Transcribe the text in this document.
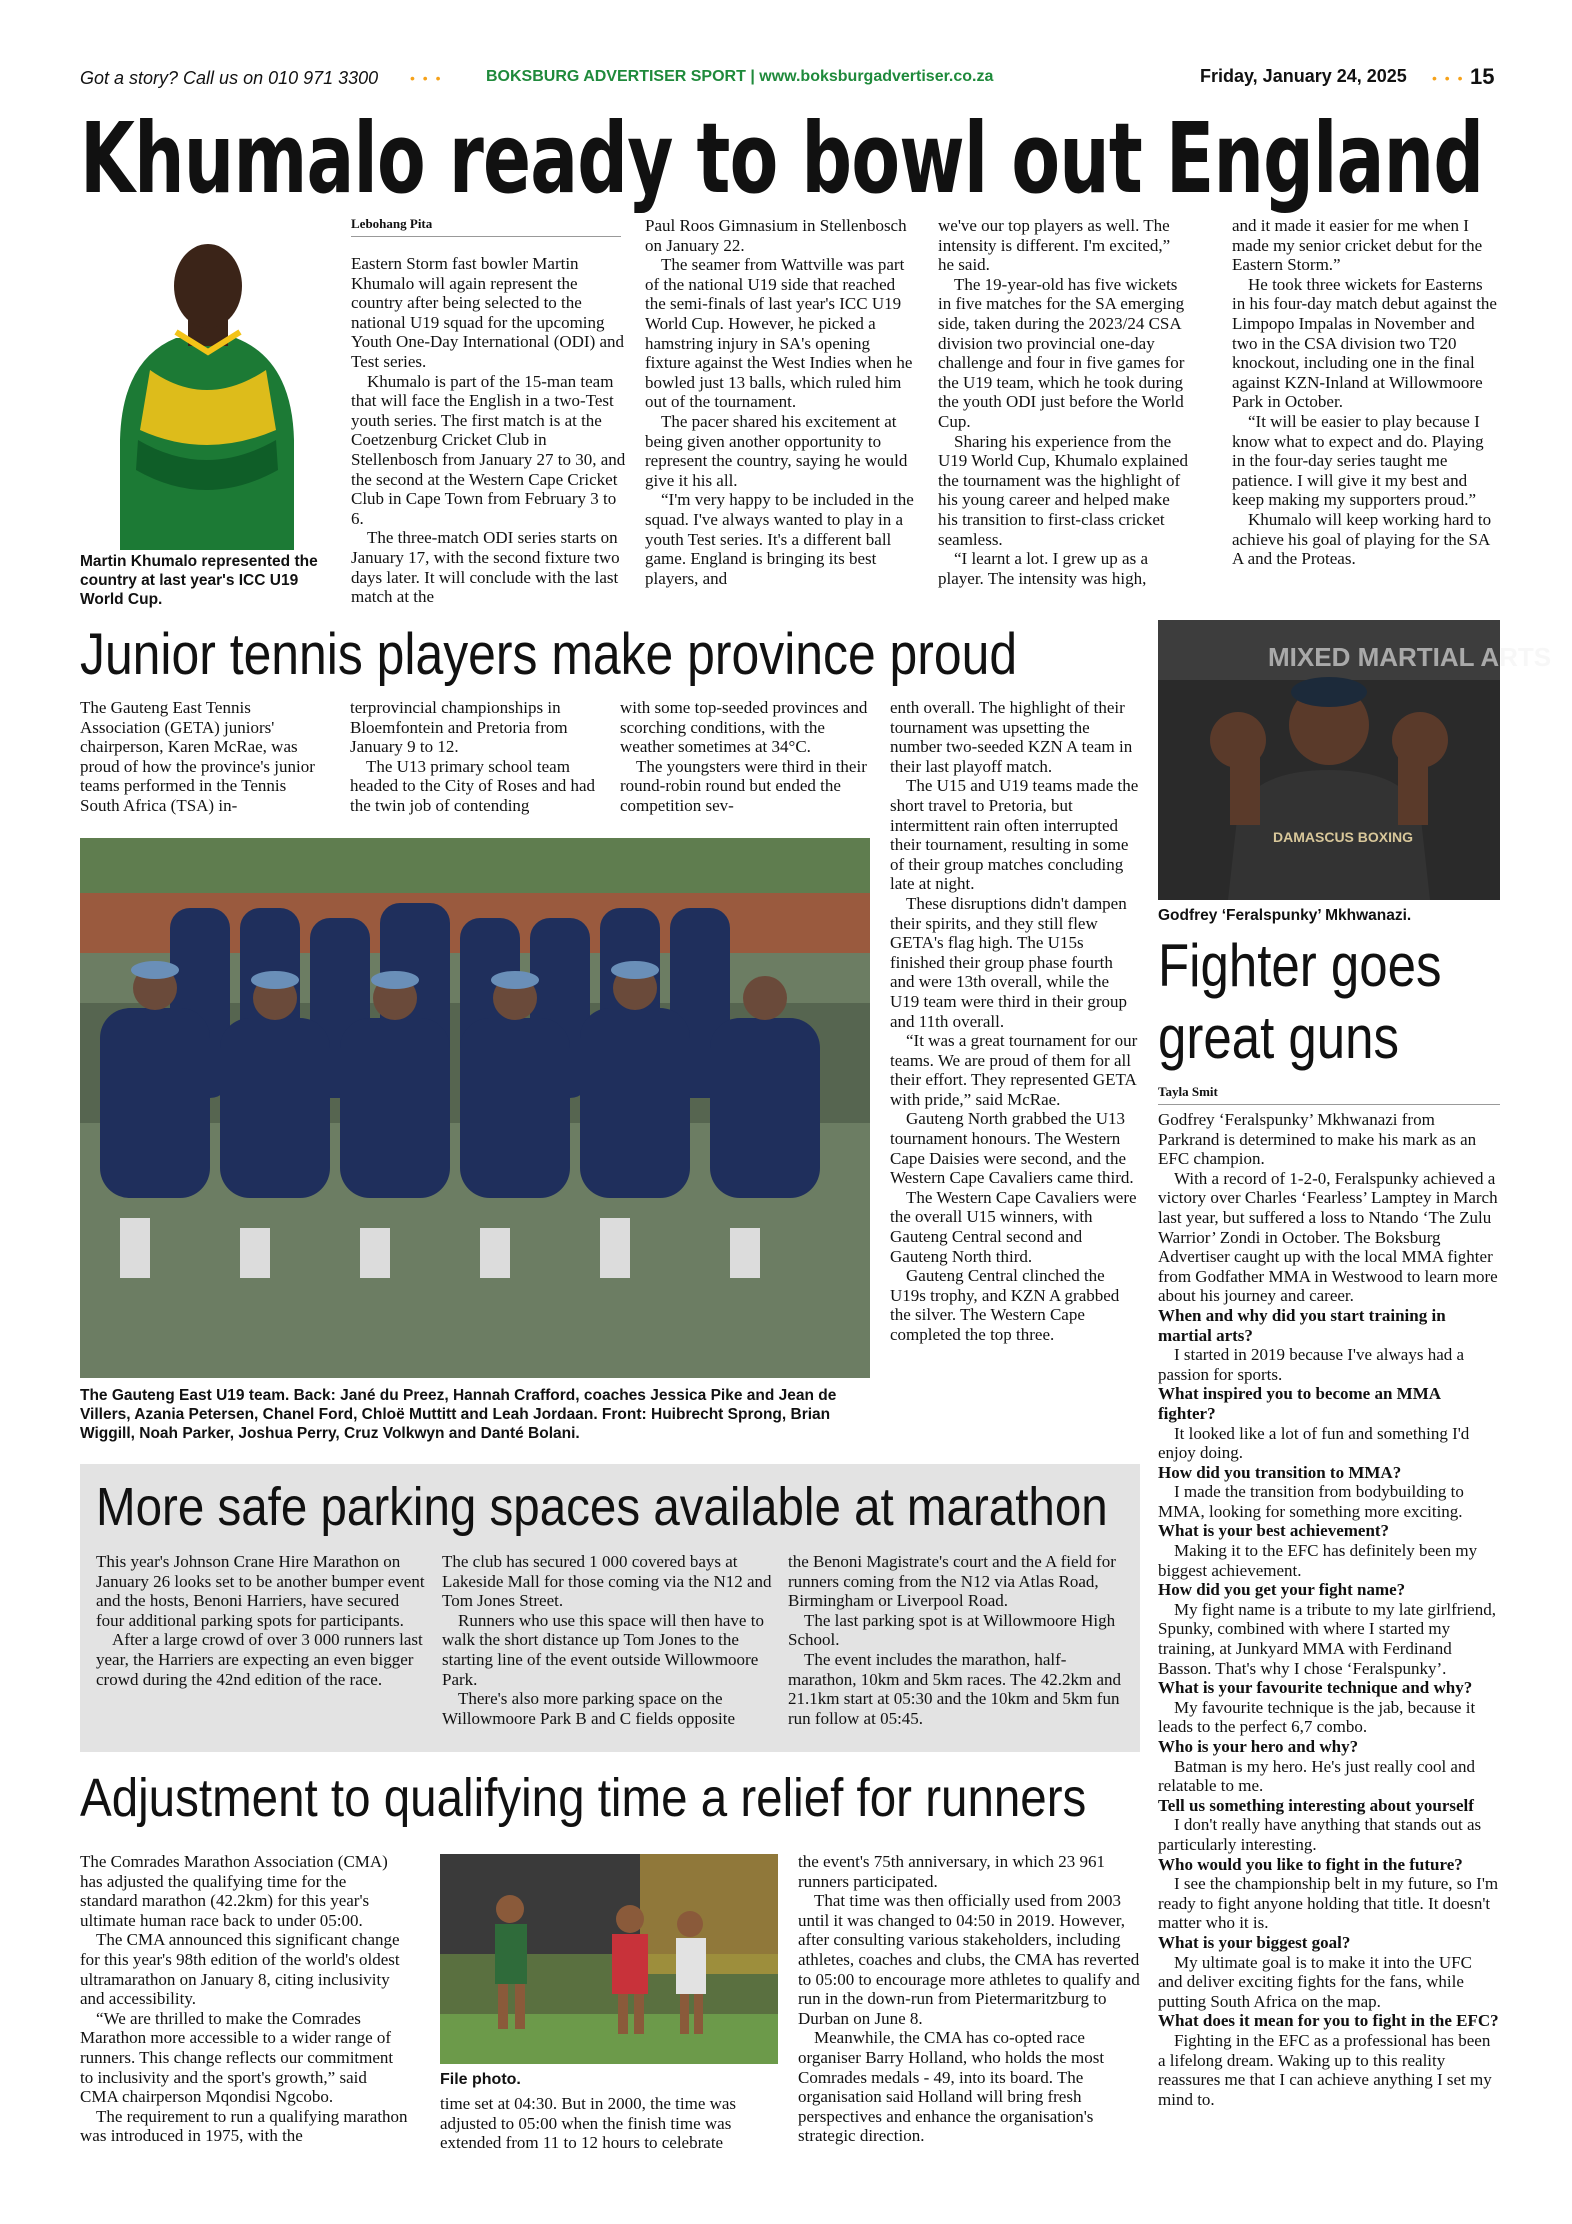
Got a story? Call us on 010 971 3300 • • •	BOKSBURG ADVERTISER SPORT | www.boksburgadvertiser.co.za	Friday, January 24, 2025 • • • 15
Khumalo ready to bowl out England
Martin Khumalo represented the country at last year's ICC U19 World Cup.
Lebohang Pita

Eastern Storm fast bowler Martin Khumalo will again represent the country after being selected to the national U19 squad for the upcoming Youth One-Day International (ODI) and Test series.

Khumalo is part of the 15-man team that will face the English in a two-Test youth series. The first match is at the Coetzenburg Cricket Club in Stellenbosch from January 27 to 30, and the second at the Western Cape Cricket Club in Cape Town from February 3 to 6.

The three-match ODI series starts on January 17, with the second fixture two days later. It will conclude with the last match at the

Paul Roos Gimnasium in Stellenbosch on January 22.

The seamer from Wattville was part of the national U19 side that reached the semi-finals of last year's ICC U19 World Cup. However, he picked a hamstring injury in SA's opening fixture against the West Indies when he bowled just 13 balls, which ruled him out of the tournament.

The pacer shared his excitement at being given another opportunity to represent the country, saying he would give it his all.

“I'm very happy to be included in the squad. I've always wanted to play in a youth Test series. It's a different ball game. England is bringing its best players, and

we've our top players as well. The intensity is different. I'm excited,” he said.

The 19-year-old has five wickets in five matches for the SA emerging side, taken during the 2023/24 CSA division two provincial one-day challenge and four in five games for the U19 team, which he took during the youth ODI just before the World Cup.

Sharing his experience from the U19 World Cup, Khumalo explained the tournament was the highlight of his young career and helped make his transition to first-class cricket seamless.

“I learnt a lot. I grew up as a player. The intensity was high,

and it made it easier for me when I made my senior cricket debut for the Eastern Storm.”

He took three wickets for Easterns in his four-day match debut against the Limpopo Impalas in November and two in the CSA division two T20 knockout, including one in the final against KZN-Inland at Willowmoore Park in October.

“It will be easier to play because I know what to expect and do. Playing in the four-day series taught me patience. I will give it my best and keep making my supporters proud.”

Khumalo will keep working hard to achieve his goal of playing for the SA A and the Proteas.

Junior tennis players make province proud

The Gauteng East Tennis Association (GETA) juniors' chairperson, Karen McRae, was proud of how the province's junior teams performed in the Tennis South Africa (TSA) in-

terprovincial championships in Bloemfontein and Pretoria from January 9 to 12.

The U13 primary school team headed to the City of Roses and had the twin job of contending

with some top-seeded provinces and scorching conditions, with the weather sometimes at 34°C.

The youngsters were third in their round-robin round but ended the competition sev-

enth overall. The highlight of their tournament was upsetting the number two-seeded KZN A team in their last playoff match.

The U15 and U19 teams made the short travel to Pretoria, but intermittent rain often interrupted their tournament, resulting in some of their group matches concluding late at night.

These disruptions didn't dampen their spirits, and they still flew GETA's flag high. The U15s finished their group phase fourth and were 13th overall, while the U19 team were third in their group and 11th overall.

“It was a great tournament for our teams. We are proud of them for all their effort. They represented GETA with pride,” said McRae.

Gauteng North grabbed the U13 tournament honours. The Western Cape Daisies were second, and the Western Cape Cavaliers came third.

The Western Cape Cavaliers were the overall U15 winners, with Gauteng Central second and Gauteng North third.

Gauteng Central clinched the U19s trophy, and KZN A grabbed the silver. The Western Cape completed the top three.

The Gauteng East U19 team. Back: Jané du Preez, Hannah Crafford, coaches Jessica Pike and Jean de Villers, Azania Petersen, Chanel Ford, Chloë Muttitt and Leah Jordaan. Front: Huibrecht Sprong, Brian Wiggill, Noah Parker, Joshua Perry, Cruz Volkwyn and Danté Bolani.
MIXED MARTIAL ARTS
DAMASCUS BOXING
Godfrey ‘Feralspunky’ Mkhwanazi.
Fighter goes great guns
Tayla Smit

Godfrey ‘Feralspunky’ Mkhwanazi from Parkrand is determined to make his mark as an EFC champion.

With a record of 1-2-0, Feralspunky achieved a victory over Charles ‘Fearless’ Lamptey in March last year, but suffered a loss to Ntando ‘The Zulu Warrior’ Zondi in October. The Boksburg Advertiser caught up with the local MMA fighter from Godfather MMA in Westwood to learn more about his journey and career.

When and why did you start training in martial arts?

I started in 2019 because I've always had a passion for sports.

What inspired you to become an MMA fighter?

It looked like a lot of fun and something I'd enjoy doing.

How did you transition to MMA?

I made the transition from bodybuilding to MMA, looking for something more exciting.

What is your best achievement?

Making it to the EFC has definitely been my biggest achievement.

How did you get your fight name?

My fight name is a tribute to my late girlfriend, Spunky, combined with where I started my training, at Junkyard MMA with Ferdinand Basson. That's why I chose ‘Feralspunky’.

What is your favourite technique and why?

My favourite technique is the jab, because it leads to the perfect 6,7 combo.

Who is your hero and why?

Batman is my hero. He's just really cool and relatable to me.

Tell us something interesting about yourself

I don't really have anything that stands out as particularly interesting.

Who would you like to fight in the future?

I see the championship belt in my future, so I'm ready to fight anyone holding that title. It doesn't matter who it is.

What is your biggest goal?

My ultimate goal is to make it into the UFC and deliver exciting fights for the fans, while putting South Africa on the map.

What does it mean for you to fight in the EFC?

Fighting in the EFC as a professional has been a lifelong dream. Waking up to this reality reassures me that I can achieve anything I set my mind to.

More safe parking spaces available at marathon

This year's Johnson Crane Hire Marathon on January 26 looks set to be another bumper event and the hosts, Benoni Harriers, have secured four additional parking spots for participants.

After a large crowd of over 3 000 runners last year, the Harriers are expecting an even bigger crowd during the 42nd edition of the race.

The club has secured 1 000 covered bays at Lakeside Mall for those coming via the N12 and Tom Jones Street.

Runners who use this space will then have to walk the short distance up Tom Jones to the starting line of the event outside Willowmoore Park.

There's also more parking space on the Willowmoore Park B and C fields opposite

the Benoni Magistrate's court and the A field for runners coming from the N12 via Atlas Road, Birmingham or Liverpool Road.

The last parking spot is at Willowmoore High School.

The event includes the marathon, half-marathon, 10km and 5km races. The 42.2km and 21.1km start at 05:30 and the 10km and 5km fun run follow at 05:45.

Adjustment to qualifying time a relief for runners

The Comrades Marathon Association (CMA) has adjusted the qualifying time for the standard marathon (42.2km) for this year's ultimate human race back to under 05:00.

The CMA announced this significant change for this year's 98th edition of the world's oldest ultramarathon on January 8, citing inclusivity and accessibility.

“We are thrilled to make the Comrades Marathon more accessible to a wider range of runners. This change reflects our commitment to inclusivity and the sport's growth,” said CMA chairperson Mqondisi Ngcobo.

The requirement to run a qualifying marathon was introduced in 1975, with the

File photo.

time set at 04:30. But in 2000, the time was adjusted to 05:00 when the finish time was extended from 11 to 12 hours to celebrate

the event's 75th anniversary, in which 23 961 runners participated.

That time was then officially used from 2003 until it was changed to 04:50 in 2019. However, after consulting various stakeholders, including athletes, coaches and clubs, the CMA has reverted to 05:00 to encourage more athletes to qualify and run in the down-run from Pietermaritzburg to Durban on June 8.

Meanwhile, the CMA has co-opted race organiser Barry Holland, who holds the most Comrades medals - 49, into its board. The organisation said Holland will bring fresh perspectives and enhance the organisation's strategic direction.
